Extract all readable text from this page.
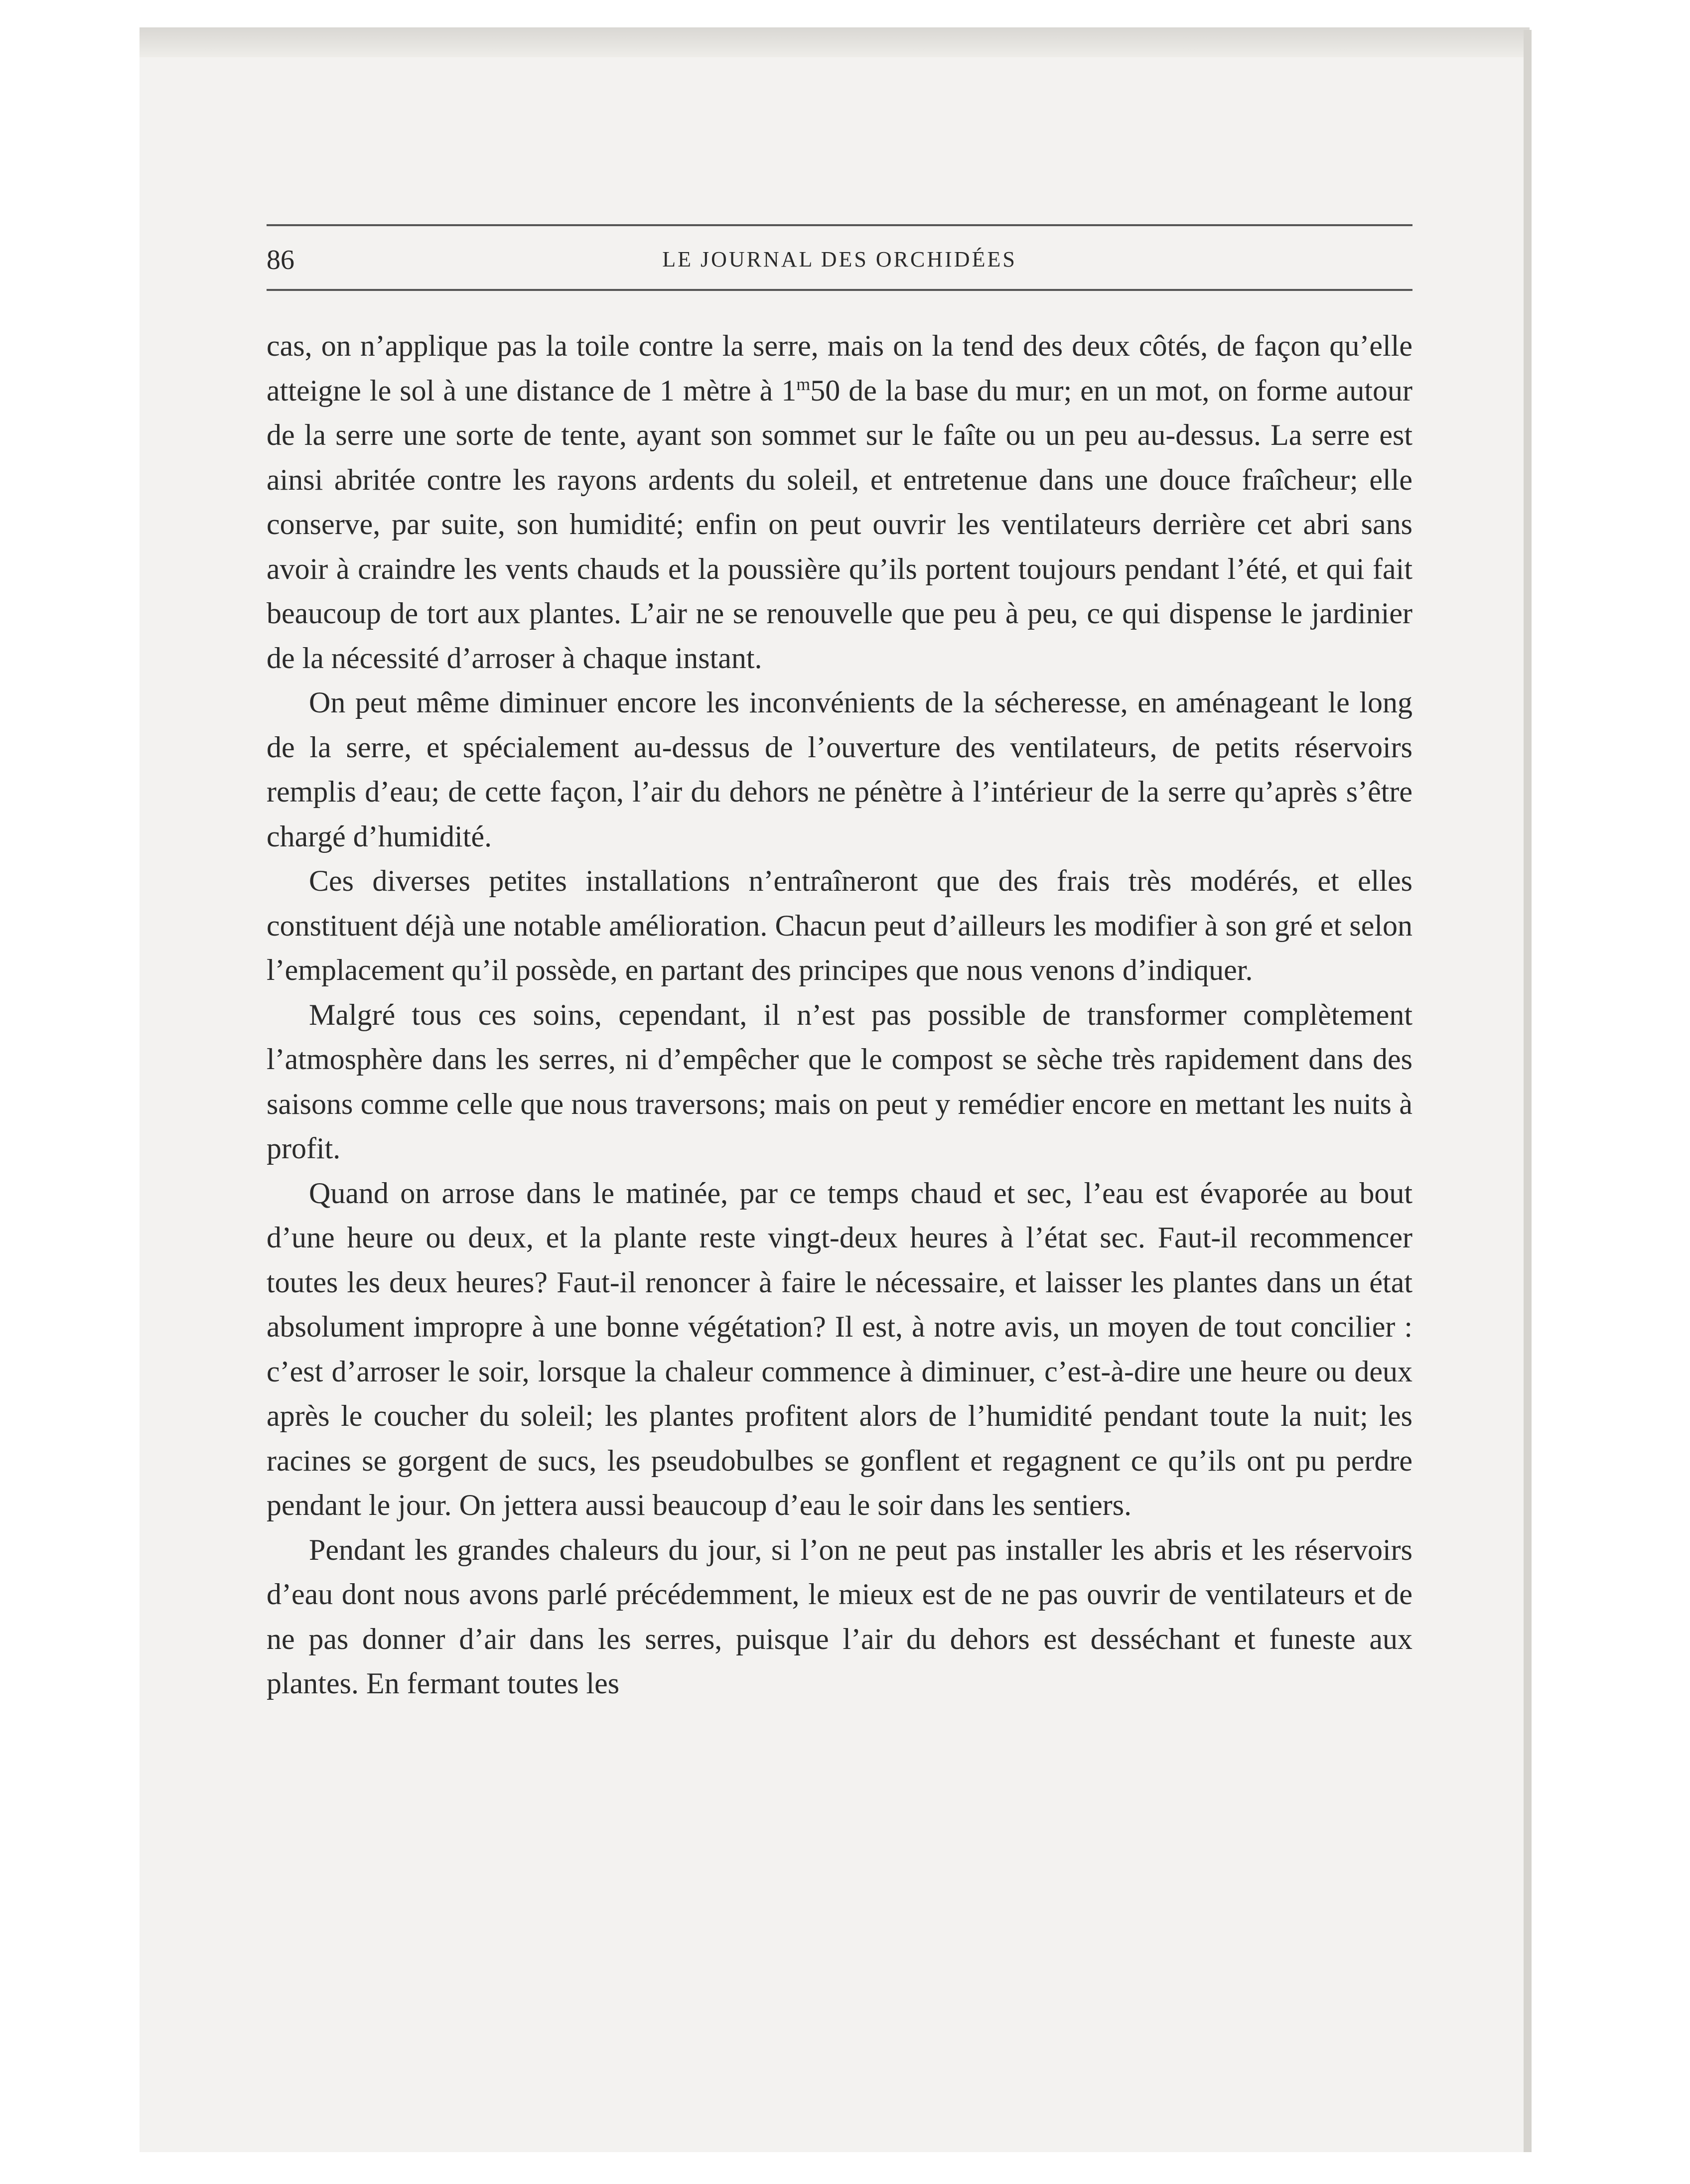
86	LE JOURNAL DES ORCHIDÉES

cas, on n’applique pas la toile contre la serre, mais on la tend des deux côtés, de façon qu’elle atteigne le sol à une distance de 1 mètre à 1$^m$50 de la base du mur; en un mot, on forme autour de la serre une sorte de tente, ayant son sommet sur le faîte ou un peu au-dessus. La serre est ainsi abritée contre les rayons ardents du soleil, et entretenue dans une douce fraîcheur; elle conserve, par suite, son humidité; enfin on peut ouvrir les ventilateurs derrière cet abri sans avoir à craindre les vents chauds et la poussière qu’ils portent toujours pendant l’été, et qui fait beaucoup de tort aux plantes. L’air ne se renouvelle que peu à peu, ce qui dispense le jardinier de la nécessité d’arroser à chaque instant.

On peut même diminuer encore les inconvénients de la sécheresse, en aménageant le long de la serre, et spécialement au-dessus de l’ouverture des ventilateurs, de petits réservoirs remplis d’eau; de cette façon, l’air du dehors ne pénètre à l’intérieur de la serre qu’après s’être chargé d’humidité.

Ces diverses petites installations n’entraîneront que des frais très modérés, et elles constituent déjà une notable amélioration. Chacun peut d’ailleurs les modifier à son gré et selon l’emplacement qu’il possède, en partant des principes que nous venons d’indiquer.

Malgré tous ces soins, cependant, il n’est pas possible de transformer complètement l’atmosphère dans les serres, ni d’empêcher que le compost se sèche très rapidement dans des saisons comme celle que nous traversons; mais on peut y remédier encore en mettant les nuits à profit.

Quand on arrose dans le matinée, par ce temps chaud et sec, l’eau est évaporée au bout d’une heure ou deux, et la plante reste vingt-deux heures à l’état sec. Faut-il recommencer toutes les deux heures? Faut-il renoncer à faire le nécessaire, et laisser les plantes dans un état absolument impropre à une bonne végétation? Il est, à notre avis, un moyen de tout concilier : c’est d’arroser le soir, lorsque la chaleur commence à diminuer, c’est-à-dire une heure ou deux après le coucher du soleil; les plantes profitent alors de l’humidité pendant toute la nuit; les racines se gorgent de sucs, les pseudobulbes se gonflent et regagnent ce qu’ils ont pu perdre pendant le jour. On jettera aussi beaucoup d’eau le soir dans les sentiers.

Pendant les grandes chaleurs du jour, si l’on ne peut pas installer les abris et les réservoirs d’eau dont nous avons parlé précédemment, le mieux est de ne pas ouvrir de ventilateurs et de ne pas donner d’air dans les serres, puisque l’air du dehors est desséchant et funeste aux plantes. En fermant toutes les
